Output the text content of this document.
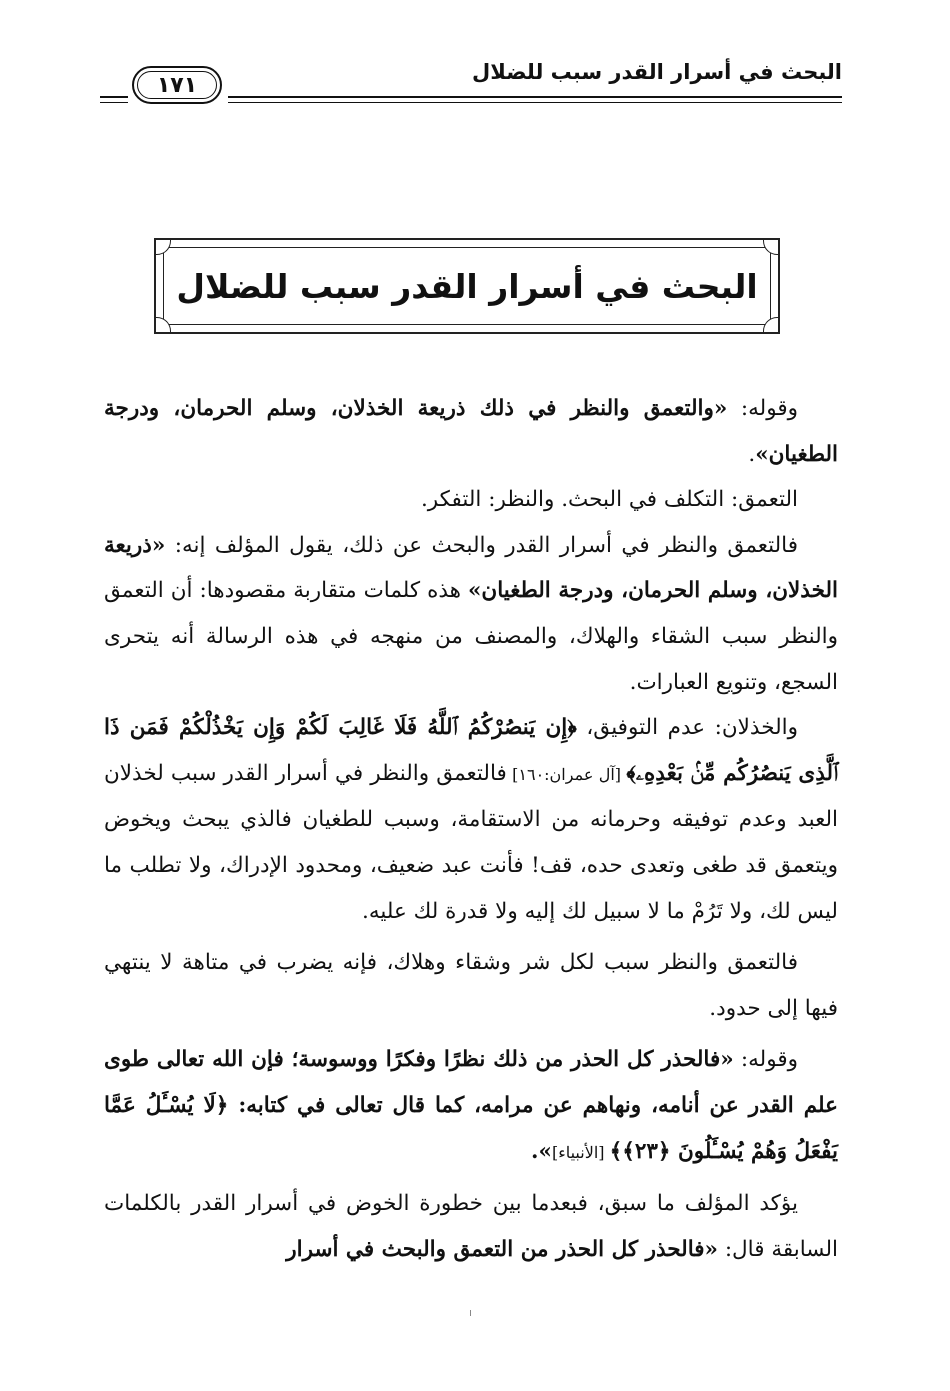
البحث في أسرار القدر سبب للضلال
١٧١
البحث في أسرار القدر سبب للضلال

وقوله: «والتعمق والنظر في ذلك ذريعة الخذلان، وسلم الحرمان، ودرجة الطغيان».

التعمق: التكلف في البحث. والنظر: التفكر.

فالتعمق والنظر في أسرار القدر والبحث عن ذلك، يقول المؤلف إنه: «ذريعة الخذلان، وسلم الحرمان، ودرجة الطغيان» هذه كلمات متقاربة مقصودها: أن التعمق والنظر سبب الشقاء والهلاك، والمصنف من منهجه في هذه الرسالة أنه يتحرى السجع، وتنويع العبارات.

والخذلان: عدم التوفيق، ﴿إِن يَنصُرْكُمُ ٱللَّهُ فَلَا غَالِبَ لَكُمْ وَإِن يَخْذُلْكُمْ فَمَن ذَا ٱلَّذِى يَنصُرُكُم مِّنۢ بَعْدِهِۦ﴾ [آل عمران:١٦٠] فالتعمق والنظر في أسرار القدر سبب لخذلان العبد وعدم توفيقه وحرمانه من الاستقامة، وسبب للطغيان فالذي يبحث ويخوض ويتعمق قد طغى وتعدى حده، قف! فأنت عبد ضعيف، ومحدود الإدراك، ولا تطلب ما ليس لك، ولا تَرُمْ ما لا سبيل لك إليه ولا قدرة لك عليه.

فالتعمق والنظر سبب لكل شر وشقاء وهلاك، فإنه يضرب في متاهة لا ينتهي فيها إلى حدود.

وقوله: «فالحذر كل الحذر من ذلك نظرًا وفكرًا ووسوسة؛ فإن الله تعالى طوى علم القدر عن أنامه، ونهاهم عن مرامه، كما قال تعالى في كتابه: ﴿لَا يُسْـَٔلُ عَمَّا يَفْعَلُ وَهُمْ يُسْـَٔلُونَ ﴿٢٣﴾﴾ [الأنبياء]».

يؤكد المؤلف ما سبق، فبعدما بين خطورة الخوض في أسرار القدر بالكلمات السابقة قال: «فالحذر كل الحذر من التعمق والبحث في أسرار
